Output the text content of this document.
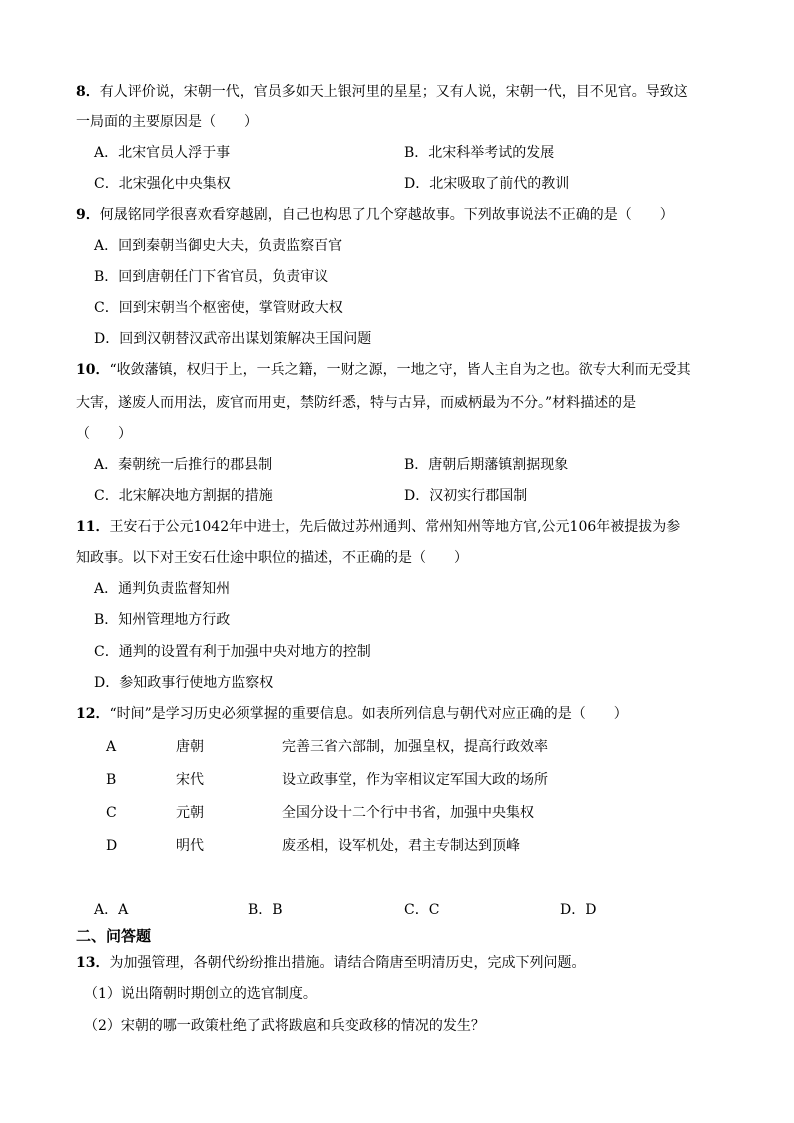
8．有人评价说，宋朝一代，官员多如天上银河里的星星；又有人说，宋朝一代，目不见官。导致这
一局面的主要原因是（　　）
A．北宋官员人浮于事	B．北宋科举考试的发展
C．北宋强化中央集权	D．北宋吸取了前代的教训
9．何晟铭同学很喜欢看穿越剧，自己也构思了几个穿越故事。下列故事说法不正确的是（　　）
A．回到秦朝当御史大夫，负责监察百官
B．回到唐朝任门下省官员，负责审议
C．回到宋朝当个枢密使，掌管财政大权
D．回到汉朝替汉武帝出谋划策解决王国问题
10．“收敛藩镇，权归于上，一兵之籍，一财之源，一地之守，皆人主自为之也。欲专大利而无受其
大害，遂废人而用法，废官而用吏，禁防纤悉，特与古异，而威柄最为不分。”材料描述的是
（　　）
A．秦朝统一后推行的郡县制	B．唐朝后期藩镇割据现象
C．北宋解决地方割据的措施	D．汉初实行郡国制
11．王安石于公元1042年中进士，先后做过苏州通判、常州知州等地方官,公元106年被提拔为参
知政事。以下对王安石仕途中职位的描述，不正确的是（　　）
A．通判负责监督知州
B．知州管理地方行政
C．通判的设置有利于加强中央对地方的控制
D．参知政事行使地方监察权
12．“时间”是学习历史必须掌握的重要信息。如表所列信息与朝代对应正确的是（　　）
A	唐朝	完善三省六部制，加强皇权，提高行政效率
B	宋代	设立政事堂，作为宰相议定军国大政的场所
C	元朝	全国分设十二个行中书省，加强中央集权
D	明代	废丞相，设军机处，君主专制达到顶峰
A．A	B．B	C．C	D．D
二、问答题
13．为加强管理，各朝代纷纷推出措施。请结合隋唐至明清历史，完成下列问题。
（1）说出隋朝时期创立的选官制度。
（2）宋朝的哪一政策杜绝了武将跋扈和兵变政移的情况的发生？
